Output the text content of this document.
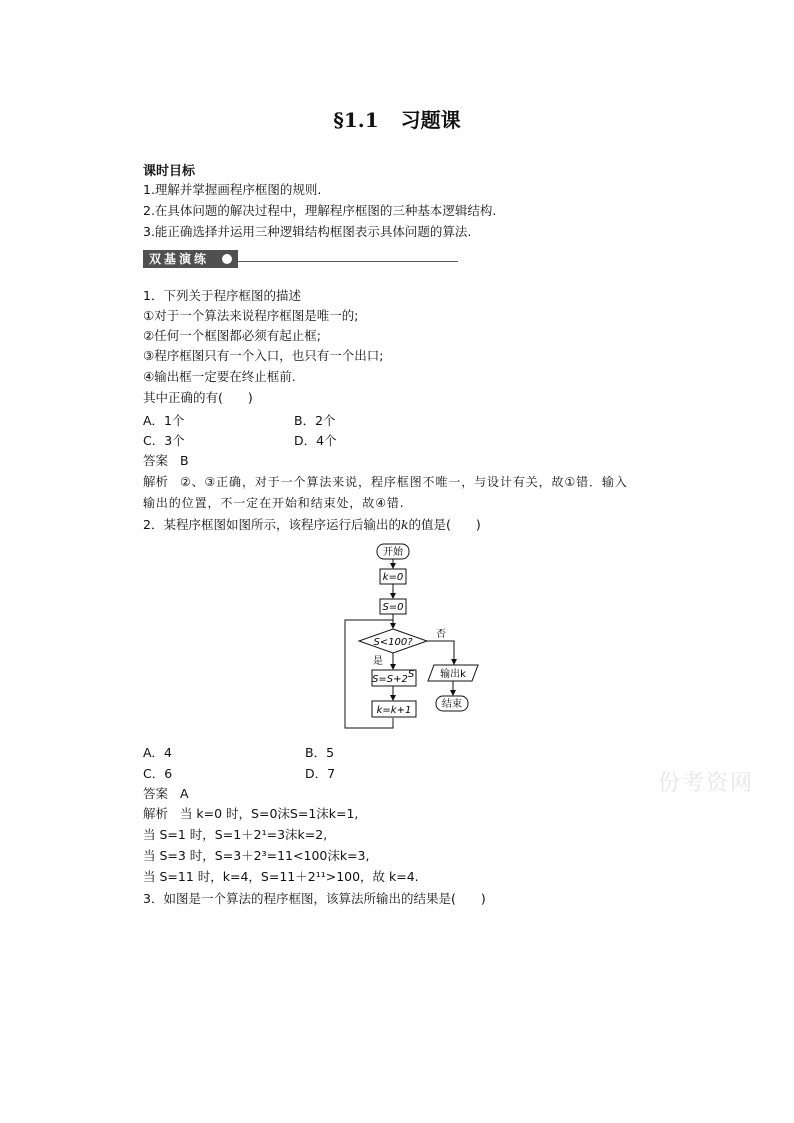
§1.1 习题课
课时目标
1.理解并掌握画程序框图的规则.
2.在具体问题的解决过程中，理解程序框图的三种基本逻辑结构.
3.能正确选择并运用三种逻辑结构框图表示具体问题的算法.
双基演练
1．下列关于程序框图的描述
①对于一个算法来说程序框图是唯一的;
②任何一个框图都必须有起止框;
③程序框图只有一个入口，也只有一个出口;
④输出框一定要在终止框前.
其中正确的有(　　)
A．1个	B．2个
C．3个	D．4个
答案 B
解析 ②、③正确，对于一个算法来说，程序框图不唯一，与设计有关，故①错．输入
输出的位置，不一定在开始和结束处，故④错.
2．某程序框图如图所示，该程序运行后输出的k的值是(　　)
开始
k=0
S=0
S<100?
否
输出k
结束
是
S=S+2 S
k=k+1
A．4	B．5
C．6	D．7	份考资网
答案 A
解析 当 k=0 时，S=0沫S=1沫k=1,
当 S=1 时，S=1＋2¹=3沫k=2,
当 S=3 时，S=3＋2³=11<100沫k=3,
当 S=11 时，k=4，S=11＋2¹¹>100，故 k=4.
3．如图是一个算法的程序框图，该算法所输出的结果是(　　)
